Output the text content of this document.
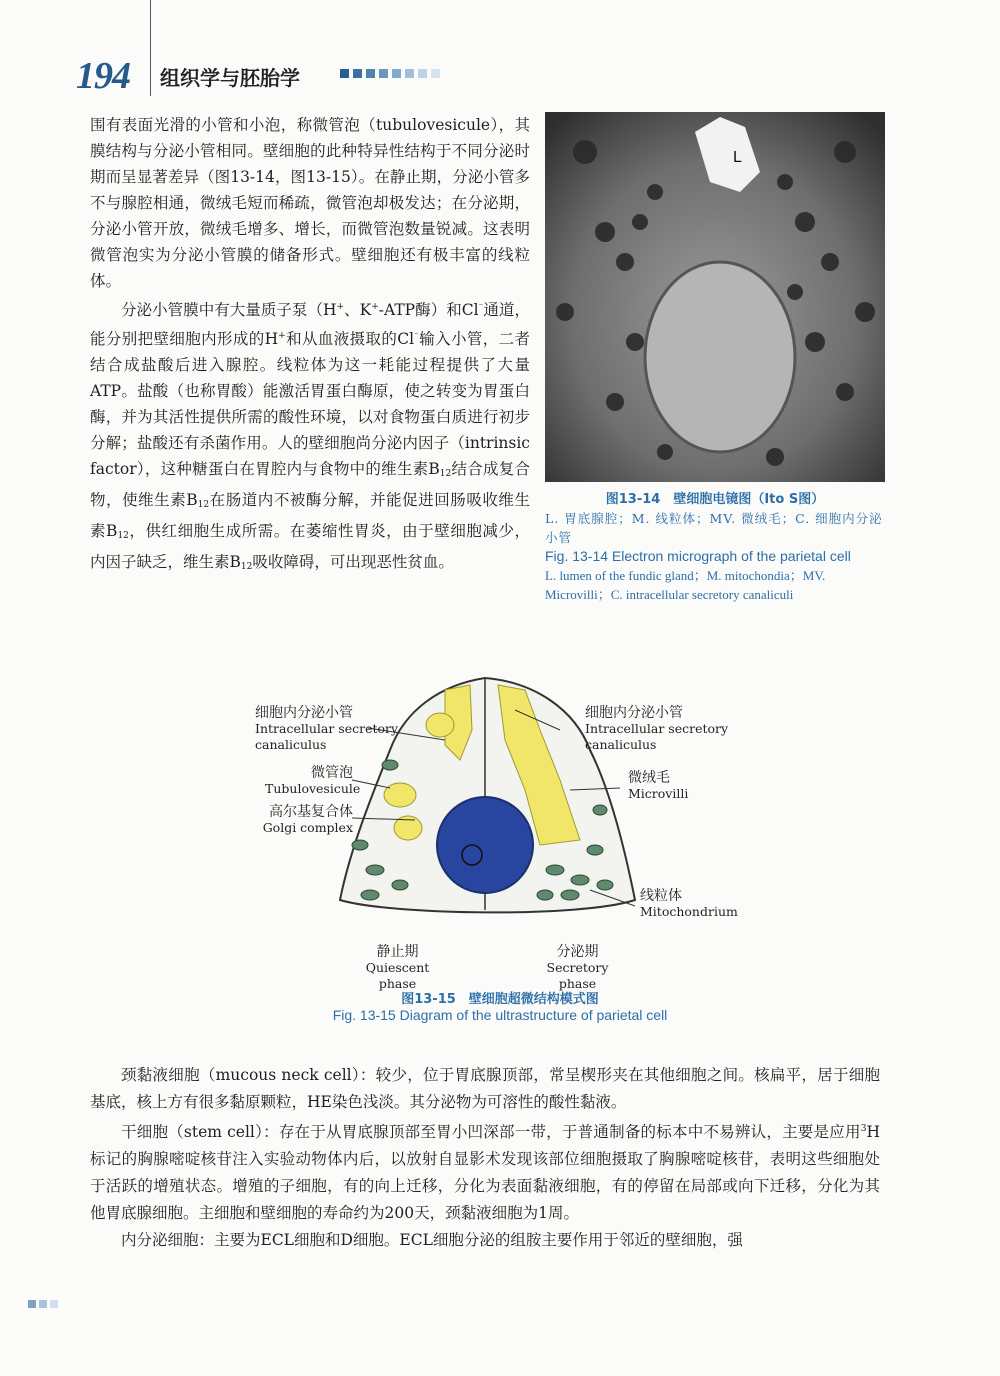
194 组织学与胚胎学

围有表面光滑的小管和小泡，称微管泡（tubulovesicule），其膜结构与分泌小管相同。壁细胞的此种特异性结构于不同分泌时期而呈显著差异（图13-14，图13-15）。在静止期，分泌小管多不与腺腔相通，微绒毛短而稀疏，微管泡却极发达；在分泌期，分泌小管开放，微绒毛增多、增长，而微管泡数量锐减。这表明微管泡实为分泌小管膜的储备形式。壁细胞还有极丰富的线粒体。

分泌小管膜中有大量质子泵（H+、K+-ATP酶）和Cl⁻通道，能分别把壁细胞内形成的H+和从血液摄取的Cl⁻输入小管，二者结合成盐酸后进入腺腔。线粒体为这一耗能过程提供了大量ATP。盐酸（也称胃酸）能激活胃蛋白酶原，使之转变为胃蛋白酶，并为其活性提供所需的酸性环境，以对食物蛋白质进行初步分解；盐酸还有杀菌作用。人的壁细胞尚分泌内因子（intrinsic factor），这种糖蛋白在胃腔内与食物中的维生素$B_{12}$结合成复合物，使维生素$B_{12}$在肠道内不被酶分解，并能促进回肠吸收维生素$B_{12}$，供红细胞生成所需。在萎缩性胃炎，由于壁细胞减少，内因子缺乏，维生素$B_{12}$吸收障碍，可出现恶性贫血。

L
图13-14　壁细胞电镜图（Ito S图）
L. 胃底腺腔；M. 线粒体；MV. 微绒毛；C. 细胞内分泌小管
Fig. 13-14 Electron micrograph of the parietal cell
L. lumen of the fundic gland；M. mitochondia；MV. Microvilli；C. intracellular secretory canaliculi
细胞内分泌小管
Intracellular secretory
canaliculus
微管泡
Tubulovesicule
高尔基复合体
Golgi complex
细胞内分泌小管
Intracellular secretory
canaliculus
微绒毛
Microvilli
线粒体
Mitochondrium
静止期
Quiescent phase
分泌期
Secretory phase
图13-15　壁细胞超微结构模式图
Fig. 13-15 Diagram of the ultrastructure of parietal cell

颈黏液细胞（mucous neck cell）：较少，位于胃底腺顶部，常呈楔形夹在其他细胞之间。核扁平，居于细胞基底，核上方有很多黏原颗粒，HE染色浅淡。其分泌物为可溶性的酸性黏液。

干细胞（stem cell）：存在于从胃底腺顶部至胃小凹深部一带，于普通制备的标本中不易辨认，主要是应用$^3$H标记的胸腺嘧啶核苷注入实验动物体内后，以放射自显影术发现该部位细胞摄取了胸腺嘧啶核苷，表明这些细胞处于活跃的增殖状态。增殖的子细胞，有的向上迁移，分化为表面黏液细胞，有的停留在局部或向下迁移，分化为其他胃底腺细胞。主细胞和壁细胞的寿命约为200天，颈黏液细胞为1周。

内分泌细胞：主要为ECL细胞和D细胞。ECL细胞分泌的组胺主要作用于邻近的壁细胞，强
